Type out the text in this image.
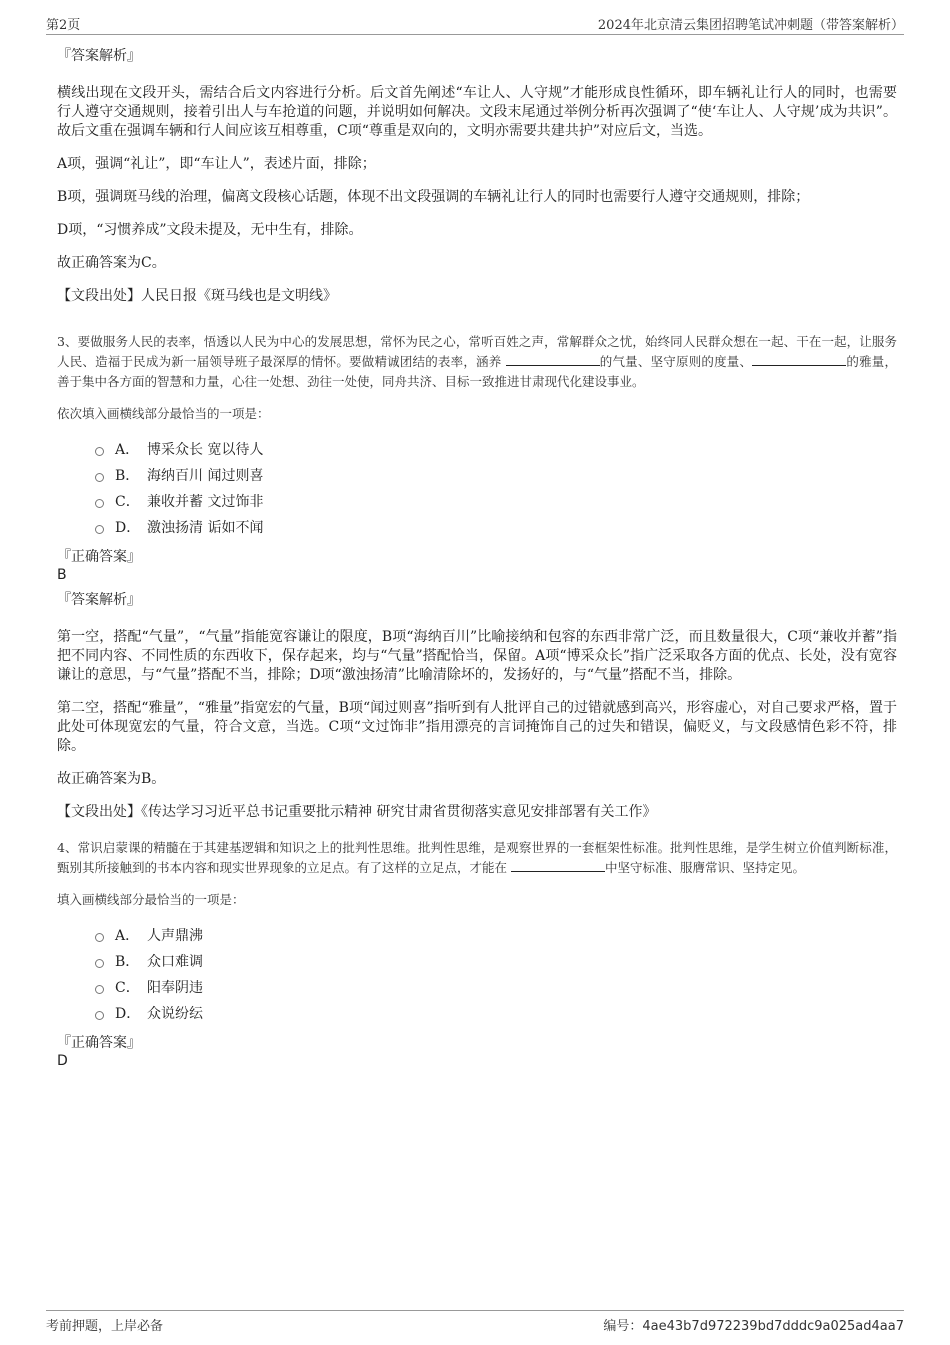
第2页	2024年北京清云集团招聘笔试冲刺题（带答案解析）
『答案解析』

横线出现在文段开头，需结合后文内容进行分析。后文首先阐述“车让人、人守规”才能形成良性循环，即车辆礼让行人的同时，也需要行人遵守交通规则，接着引出人与车抢道的问题，并说明如何解决。文段末尾通过举例分析再次强调了“使‘车让人、人守规’成为共识”。故后文重在强调车辆和行人间应该互相尊重，C项“尊重是双向的，文明亦需要共建共护”对应后文，当选。

A项，强调“礼让”，即“车让人”，表述片面，排除；

B项，强调斑马线的治理，偏离文段核心话题，体现不出文段强调的车辆礼让行人的同时也需要行人遵守交通规则，排除；

D项，“习惯养成”文段未提及，无中生有，排除。

故正确答案为C。

【文段出处】人民日报《斑马线也是文明线》

3、要做服务人民的表率，悟透以人民为中心的发展思想，常怀为民之心，常听百姓之声，常解群众之忧，始终同人民群众想在一起、干在一起，让服务人民、造福于民成为新一届领导班子最深厚的情怀。要做精诚团结的表率，涵养	的气量、坚守原则的度量、	的雅量，善于集中各方面的智慧和力量，心往一处想、劲往一处使，同舟共济、目标一致推进甘肃现代化建设事业。
依次填入画横线部分最恰当的一项是：
A． 博采众长 宽以待人
B． 海纳百川 闻过则喜
C． 兼收并蓄 文过饰非
D． 激浊扬清 诟如不闻
『正确答案』
B
『答案解析』

第一空，搭配“气量”，“气量”指能宽容谦让的限度，B项“海纳百川”比喻接纳和包容的东西非常广泛，而且数量很大，C项“兼收并蓄”指把不同内容、不同性质的东西收下，保存起来，均与“气量”搭配恰当，保留。A项“博采众长”指广泛采取各方面的优点、长处，没有宽容谦让的意思，与“气量”搭配不当，排除；D项“激浊扬清”比喻清除坏的，发扬好的，与“气量”搭配不当，排除。

第二空，搭配“雅量”，“雅量”指宽宏的气量，B项“闻过则喜”指听到有人批评自己的过错就感到高兴，形容虚心，对自己要求严格，置于此处可体现宽宏的气量，符合文意，当选。C项“文过饰非”指用漂亮的言词掩饰自己的过失和错误，偏贬义，与文段感情色彩不符，排除。

故正确答案为B。

【文段出处】《传达学习习近平总书记重要批示精神 研究甘肃省贯彻落实意见安排部署有关工作》

4、常识启蒙课的精髓在于其建基逻辑和知识之上的批判性思维。批判性思维，是观察世界的一套框架性标准。批判性思维，是学生树立价值判断标准，甄别其所接触到的书本内容和现实世界现象的立足点。有了这样的立足点，才能在	中坚守标准、服膺常识、坚持定见。
填入画横线部分最恰当的一项是：
A． 人声鼎沸
B． 众口难调
C． 阳奉阴违
D． 众说纷纭
『正确答案』
D
考前押题，上岸必备	编号：4ae43b7d972239bd7dddc9a025ad4aa7
